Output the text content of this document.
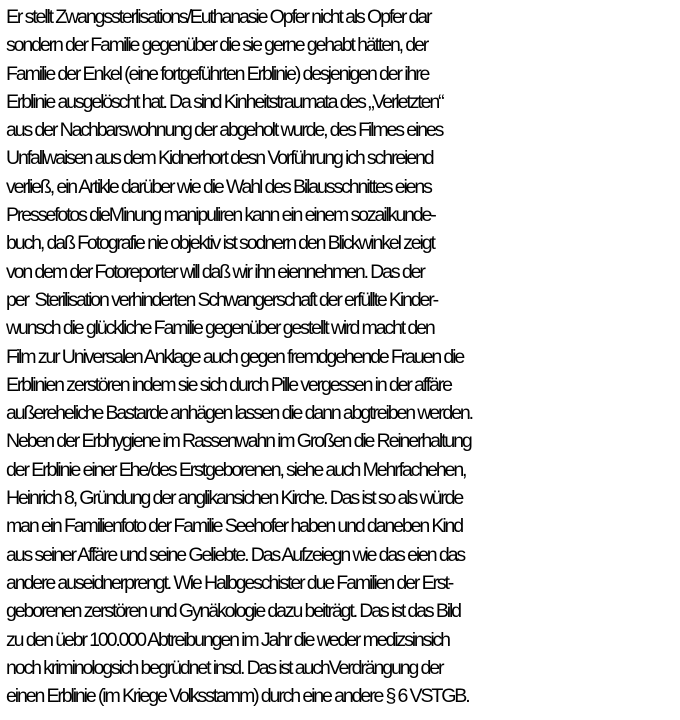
Er stellt Zwangssterlisations/Euthanasie Opfer nicht als Opfer dar
sondern der Familie gegenüber die sie gerne gehabt hätten, der
Familie der Enkel (eine fortgeführten Erblinie) desjenigen der ihre
Erblinie ausgelöscht hat. Da sind Kinheitstraumata des „Verletzten“
aus der Nachbarswohnung der abgeholt wurde, des Filmes eines
Unfallwaisen aus dem Kidnerhort desn Vorführung ich schreiend
verließ, ein Artikle darüber wie die Wahl des Bilausschnittes eiens
Pressefotos dieMinung manipuliren kann ein einem sozailkunde-
buch, daß Fotografie nie objektiv ist sodnern den Blickwinkel zeigt
von dem der Fotoreporter will daß wir ihn eiennehmen. Das der
per  Sterilisation verhinderten Schwangerschaft der erfüllte Kinder-
wunsch die glückliche Familie gegenüber gestellt wird macht den
Film zur Universalen Anklage auch gegen fremdgehende Frauen die
Erblinien zerstören indem sie sich durch Pille vergessen in der affäre
außereheliche Bastarde anhägen lassen die dann abgtreiben werden.
Neben der Erbhygiene im Rassenwahn im Großen die Reinerhaltung
der Erblinie einer Ehe/des Erstgeborenen, siehe auch Mehrfachehen,
Heinrich 8, Gründung der anglikansichen Kirche. Das ist so als würde
man ein Familienfoto der Familie Seehofer haben und daneben Kind
aus seiner Affäre und seine Geliebte. Das Aufzeiegn wie das eien das
andere auseidnerprengt. Wie Halbgeschister due Familien der Erst-
geborenen zerstören und Gynäkologie dazu beiträgt. Das ist das Bild
zu den üebr 100.000 Abtreibungen im Jahr die weder medizsinsich
noch kriminologsich begrüdnet insd. Das ist auchVerdrängung der
einen Erblinie (im Kriege Volksstamm) durch eine andere § 6 VSTGB.
